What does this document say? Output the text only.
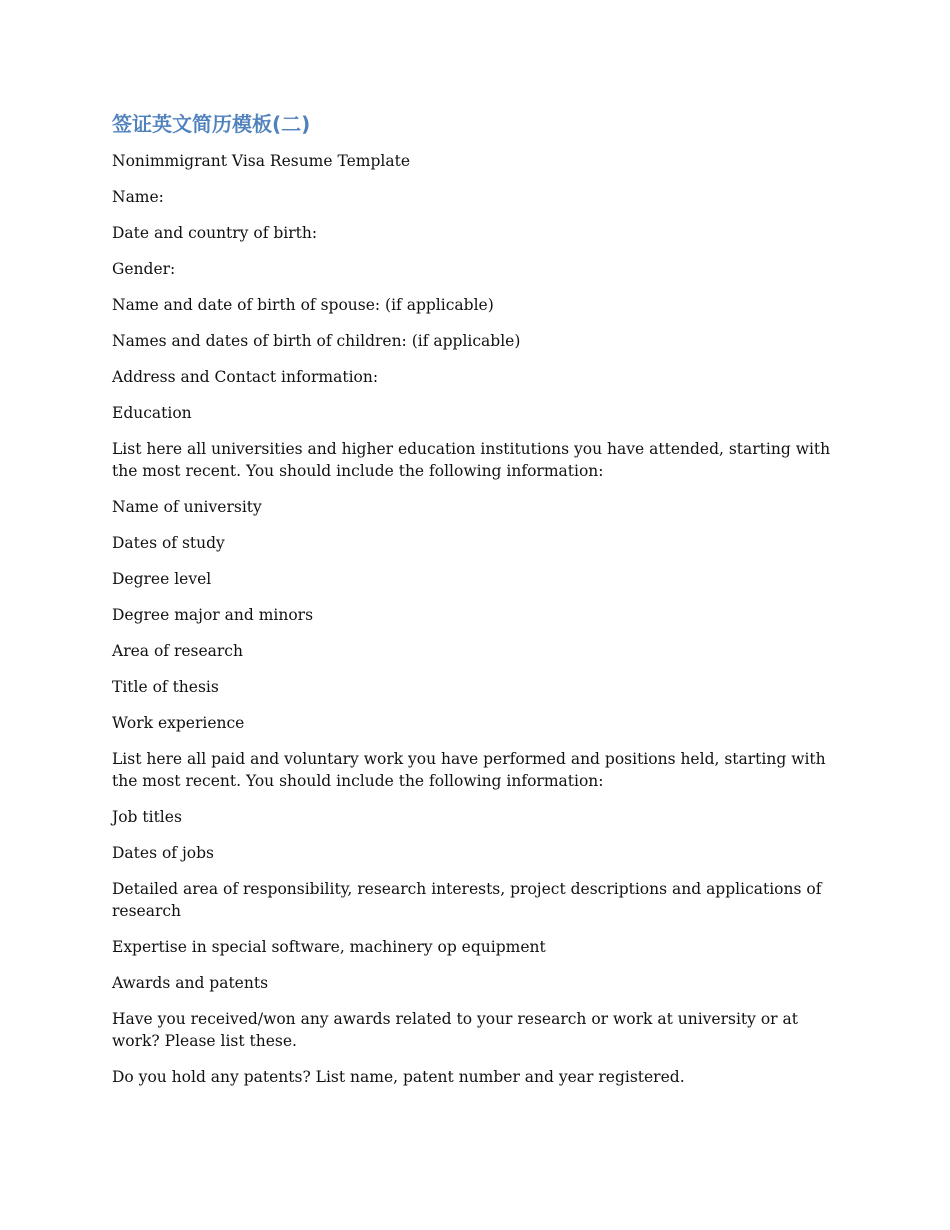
签证英文简历模板(二)

Nonimmigrant Visa Resume Template

Name:

Date and country of birth:

Gender:

Name and date of birth of spouse: (if applicable)

Names and dates of birth of children: (if applicable)

Address and Contact information:

Education

List here all universities and higher education institutions you have attended, starting with the most recent. You should include the following information:

Name of university

Dates of study

Degree level

Degree major and minors

Area of research

Title of thesis

Work experience

List here all paid and voluntary work you have performed and positions held, starting with the most recent. You should include the following information:

Job titles

Dates of jobs

Detailed area of responsibility, research interests, project descriptions and applications of research

Expertise in special software, machinery op equipment

Awards and patents

Have you received/won any awards related to your research or work at university or at work? Please list these.

Do you hold any patents? List name, patent number and year registered.
